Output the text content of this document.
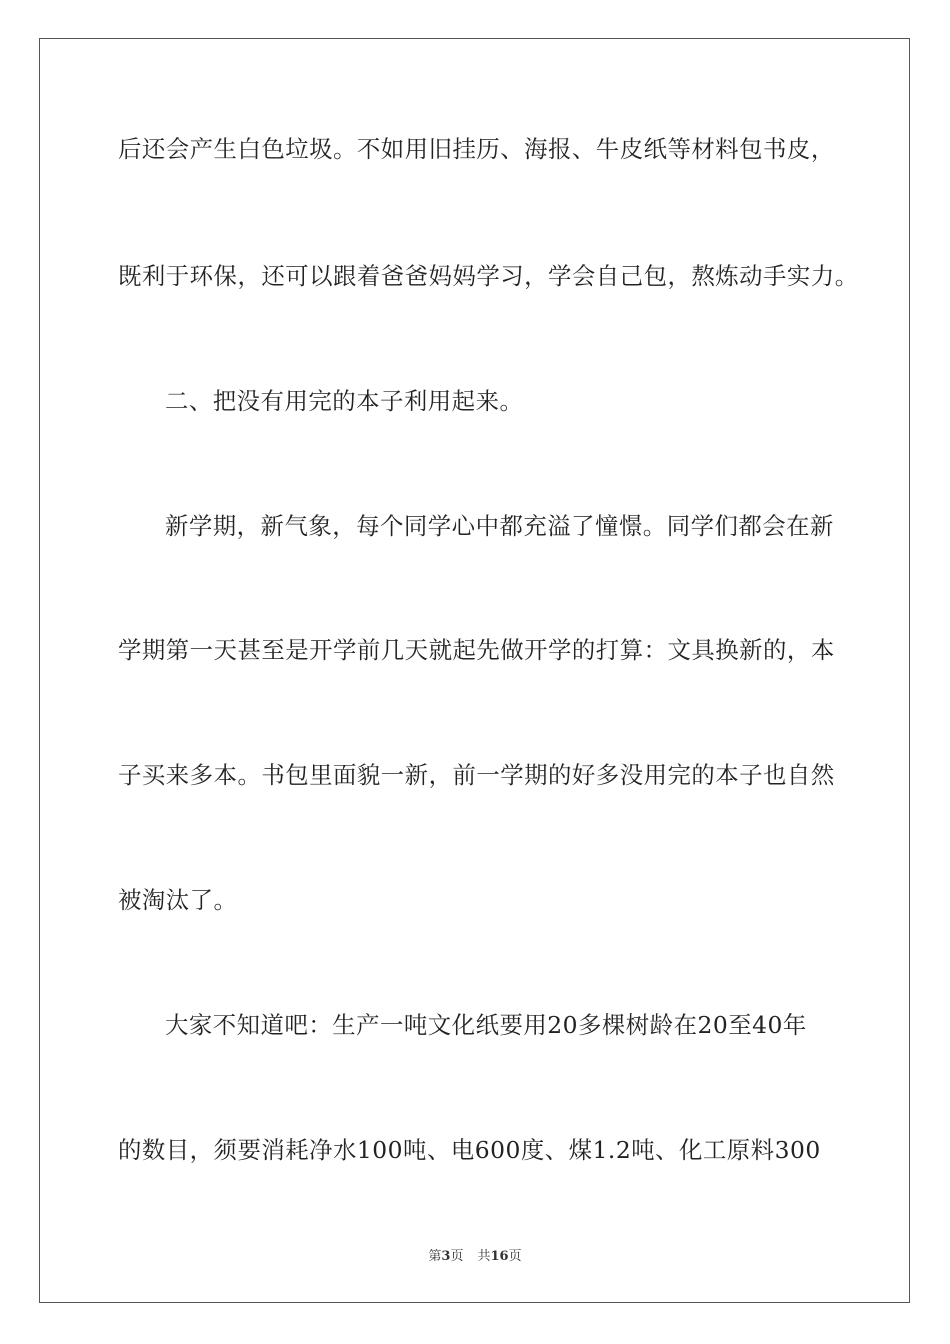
后还会产生白色垃圾。不如用旧挂历、海报、牛皮纸等材料包书皮，
既利于环保，还可以跟着爸爸妈妈学习，学会自己包，熬炼动手实力。
二、把没有用完的本子利用起来。
新学期，新气象，每个同学心中都充溢了憧憬。同学们都会在新
学期第一天甚至是开学前几天就起先做开学的打算：文具换新的，本
子买来多本。书包里面貌一新，前一学期的好多没用完的本子也自然
被淘汰了。
大家不知道吧：生产一吨文化纸要用20多棵树龄在20至40年
的数目，须要消耗净水100吨、电600度、煤1.2吨、化工原料300
第3页 共16页
